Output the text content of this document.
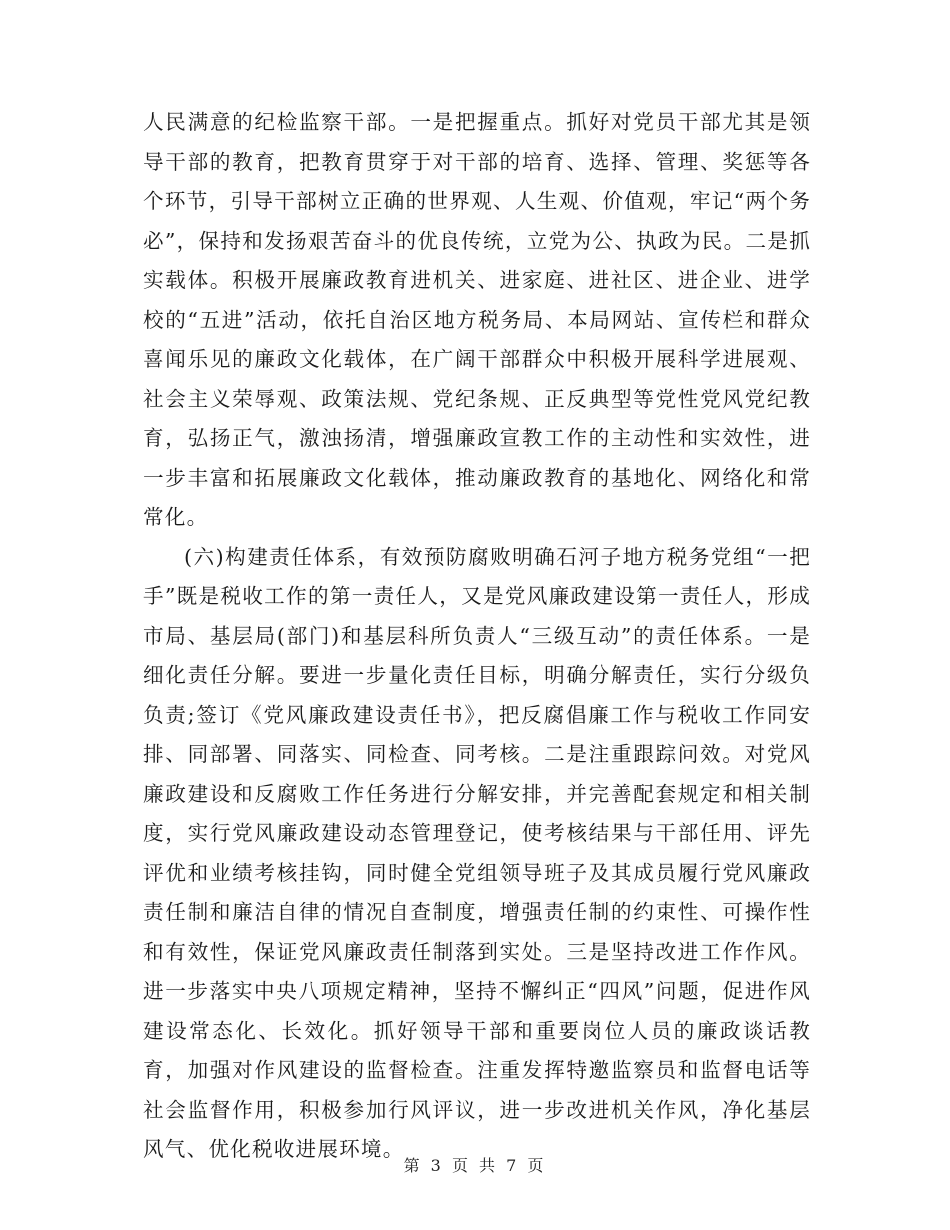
人民满意的纪检监察干部。一是把握重点。抓好对党员干部尤其是领导干部的教育，把教育贯穿于对干部的培育、选择、管理、奖惩等各个环节，引导干部树立正确的世界观、人生观、价值观，牢记“两个务必”，保持和发扬艰苦奋斗的优良传统，立党为公、执政为民。二是抓实载体。积极开展廉政教育进机关、进家庭、进社区、进企业、进学校的“五进”活动，依托自治区地方税务局、本局网站、宣传栏和群众喜闻乐见的廉政文化载体，在广阔干部群众中积极开展科学进展观、社会主义荣辱观、政策法规、党纪条规、正反典型等党性党风党纪教育，弘扬正气，激浊扬清，增强廉政宣教工作的主动性和实效性，进一步丰富和拓展廉政文化载体，推动廉政教育的基地化、网络化和常常化。

(六)构建责任体系，有效预防腐败明确石河子地方税务党组“一把手”既是税收工作的第一责任人，又是党风廉政建设第一责任人，形成市局、基层局(部门)和基层科所负责人“三级互动”的责任体系。一是细化责任分解。要进一步量化责任目标，明确分解责任，实行分级负负责;签订《党风廉政建设责任书》，把反腐倡廉工作与税收工作同安排、同部署、同落实、同检查、同考核。二是注重跟踪问效。对党风廉政建设和反腐败工作任务进行分解安排，并完善配套规定和相关制度，实行党风廉政建设动态管理登记，使考核结果与干部任用、评先评优和业绩考核挂钩，同时健全党组领导班子及其成员履行党风廉政责任制和廉洁自律的情况自查制度，增强责任制的约束性、可操作性和有效性，保证党风廉政责任制落到实处。三是坚持改进工作作风。进一步落实中央八项规定精神，坚持不懈纠正“四风”问题，促进作风建设常态化、长效化。抓好领导干部和重要岗位人员的廉政谈话教育，加强对作风建设的监督检查。注重发挥特邀监察员和监督电话等社会监督作用，积极参加行风评议，进一步改进机关作风，净化基层风气、优化税收进展环境。

第 3 页 共 7 页
